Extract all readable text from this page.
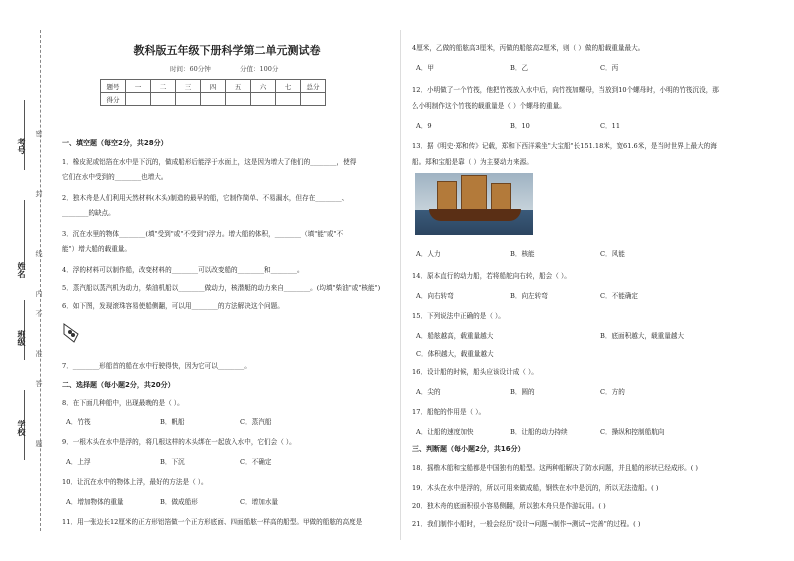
考号
姓名
班级
学校
密
封
线
内
不
准
答
题
教科版五年级下册科学第二单元测试卷
时间：60分钟	分值：100分
题号	一	二	三	四	五	六	七	总分
得分								
一、填空题（每空2分，共28分）
1．橡皮泥或铝箔在水中是下沉的，做成船形后能浮于水面上，这是因为增大了他们的________，使得
它们在水中受到的________也增大。
2．独木舟是人们利用天然材料(木头)制造的最早的船，它制作简单、不易漏水，但存在________、
________的缺点。
3．沉在水里的物体________(填"受到"或"不受到")浮力。增大船的体积，________（填"能"或"不
能"）增大船的载重量。
4．浮的材料可以制作船，改变材料的________可以改变船的________和________。
5．蒸汽船以蒸汽机为动力，柴油机船以________做动力，核潜艇的动力来自________。(均填"柴油"或"核能")
6．如下图，发现滚珠容易使船侧翻，可以用________的方法解决这个问题。
7．________形船首的船在水中行驶得快，因为它可以________。
二、选择题（每小题2分，共20分）
8．在下面几种船中，出现最晚的是（ ）。
A．竹筏	B．帆船	C．蒸汽船
9．一根木头在水中是浮的，将几根这样的木头绑在一起放入水中，它们会（ ）。
A．上浮	B．下沉	C．不确定
10．让沉在水中的物体上浮，最好的方法是（ ）。
A．增加物体的重量	B．做成船形	C．增加水量
11．用一张边长12厘米的正方形铝箔做一个正方形底面、四面船舷一样高的船型。甲做的船舷的高度是
4厘米，乙做的船舷高3厘米，丙做的船舷高2厘米，则（ ）做的船载重量最大。
A．甲	B．乙	C．丙
12．小明做了一个竹筏，他把竹筏放入水中后，向竹筏加螺母，当放到10个螺母时，小明的竹筏沉没，那
么小明制作这个竹筏的载重量是（ ）个螺母的重量。
A．9	B．10	C．11
13．据《明史·郑和传》记载，郑和下西洋乘坐"大宝船"长151.18米，宽61.6米，是当时世界上最大的海
船。郑和宝船是靠（ ）为主要动力来源。
A．人力	B．核能	C．风能
14．原本直行的动力船，若将船舵向右转，船会（ ）。
A．向右转弯	B．向左转弯	C．不能确定
15．下列说法中正确的是（ ）。
A．船舷越高，载重量越大	B．底面积越大，载重量越大
C．体积越大，载重量越大
16．设计船的时候，船头应该设计成（ ）。
A．尖的	B．圆的	C．方的
17．船舵的作用是（ ）。
A．让船的速度加快	B．让船的动力持续	C．操纵和控制船航向
三、判断题（每小题2分，共16分）
18．摇橹木船和宝船都是中国独有的船型。这两种船解决了防水问题，并且船的形状已经成形。( )
19．木头在水中是浮的，所以可用来做成船，钢铁在水中是沉的，所以无法造船。( )
20．独木舟的底面积很小容易侧翻，所以独木舟只是作游玩用。( )
21．我们制作小船时，一般会经历"设计→问题→制作→测试→完善"的过程。( )
